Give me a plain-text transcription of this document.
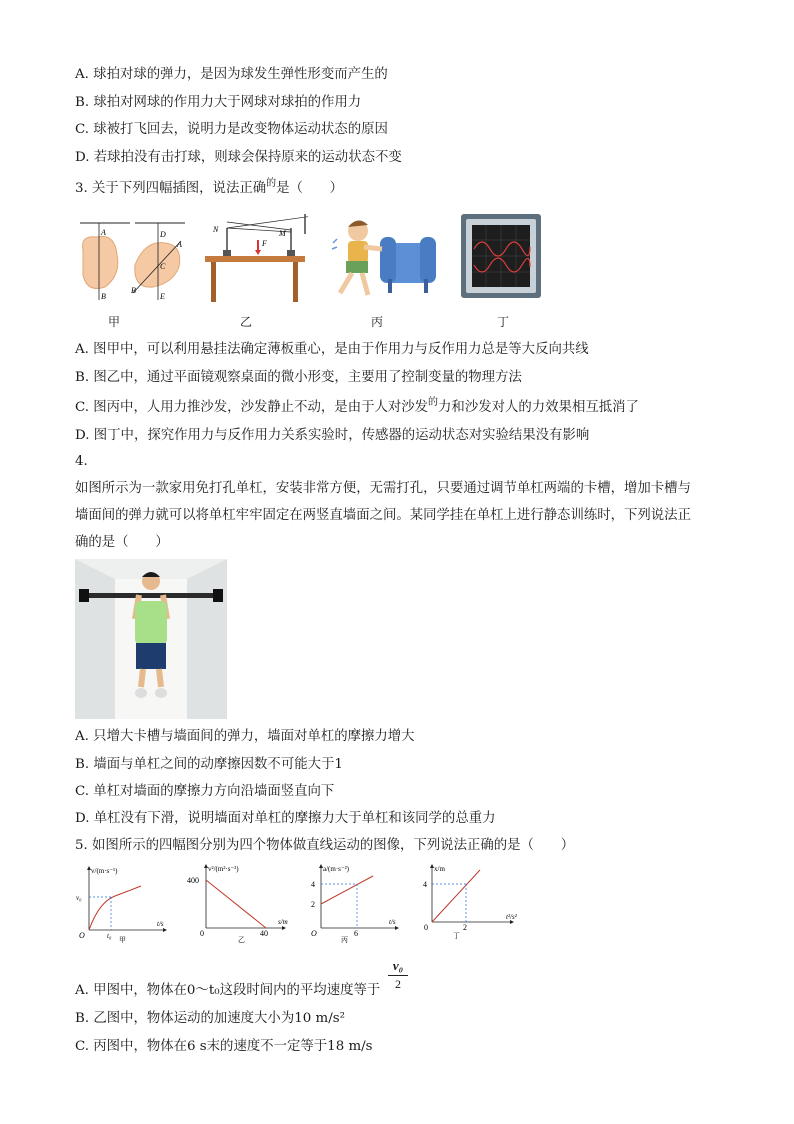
A. 球拍对球的弹力，是因为球发生弹性形变而产生的
B. 球拍对网球的作用力大于网球对球拍的作用力
C. 球被打飞回去，说明力是改变物体运动状态的原因
D. 若球拍没有击打球，则球会保持原来的运动状态不变
3. 关于下列四幅插图，说法正确$^的$是（　　）
A
B
D
C
A
B
E
N	M
F
甲	乙	丙	丁
A. 图甲中，可以利用悬挂法确定薄板重心，是由于作用力与反作用力总是等大反向共线
B. 图乙中，通过平面镜观察桌面的微小形变，主要用了控制变量的物理方法
C. 图丙中，人用力推沙发，沙发静止不动，是由于人对沙发$^的$力和沙发对人的力效果相互抵消了
D. 图丁中，探究作用力与反作用力关系实验时，传感器的运动状态对实验结果没有影响
4.
如图所示为一款家用免打孔单杠，安装非常方便，无需打孔，只要通过调节单杠两端的卡槽，增加卡槽与
墙面间的弹力就可以将单杠牢牢固定在两竖直墙面之间。某同学挂在单杠上进行静态训练时，下列说法正
确的是（　　）
A. 只增大卡槽与墙面间的弹力，墙面对单杠的摩擦力增大
B. 墙面与单杠之间的动摩擦因数不可能大于1
C. 单杠对墙面的摩擦力方向沿墙面竖直向下
D. 单杠没有下滑，说明墙面对单杠的摩擦力大于单杠和该同学的总重力
5. 如图所示的四幅图分别为四个物体做直线运动的图像，下列说法正确的是（　　）
v/(m·s⁻¹)
t/s
O
v₀
t₀ 甲
v²/(m²·s⁻²)
s/m
0
400
40
乙
a/(m·s⁻²)
t/s
O
4
2
6
丙
x/m
t²/s²
0
4
2
丁
A. 甲图中，物体在0～t₀这段时间内的平均速度等于
v₀
2
B. 乙图中，物体运动的加速度大小为10 m/s²
C. 丙图中，物体在6 s末的速度不一定等于18 m/s
